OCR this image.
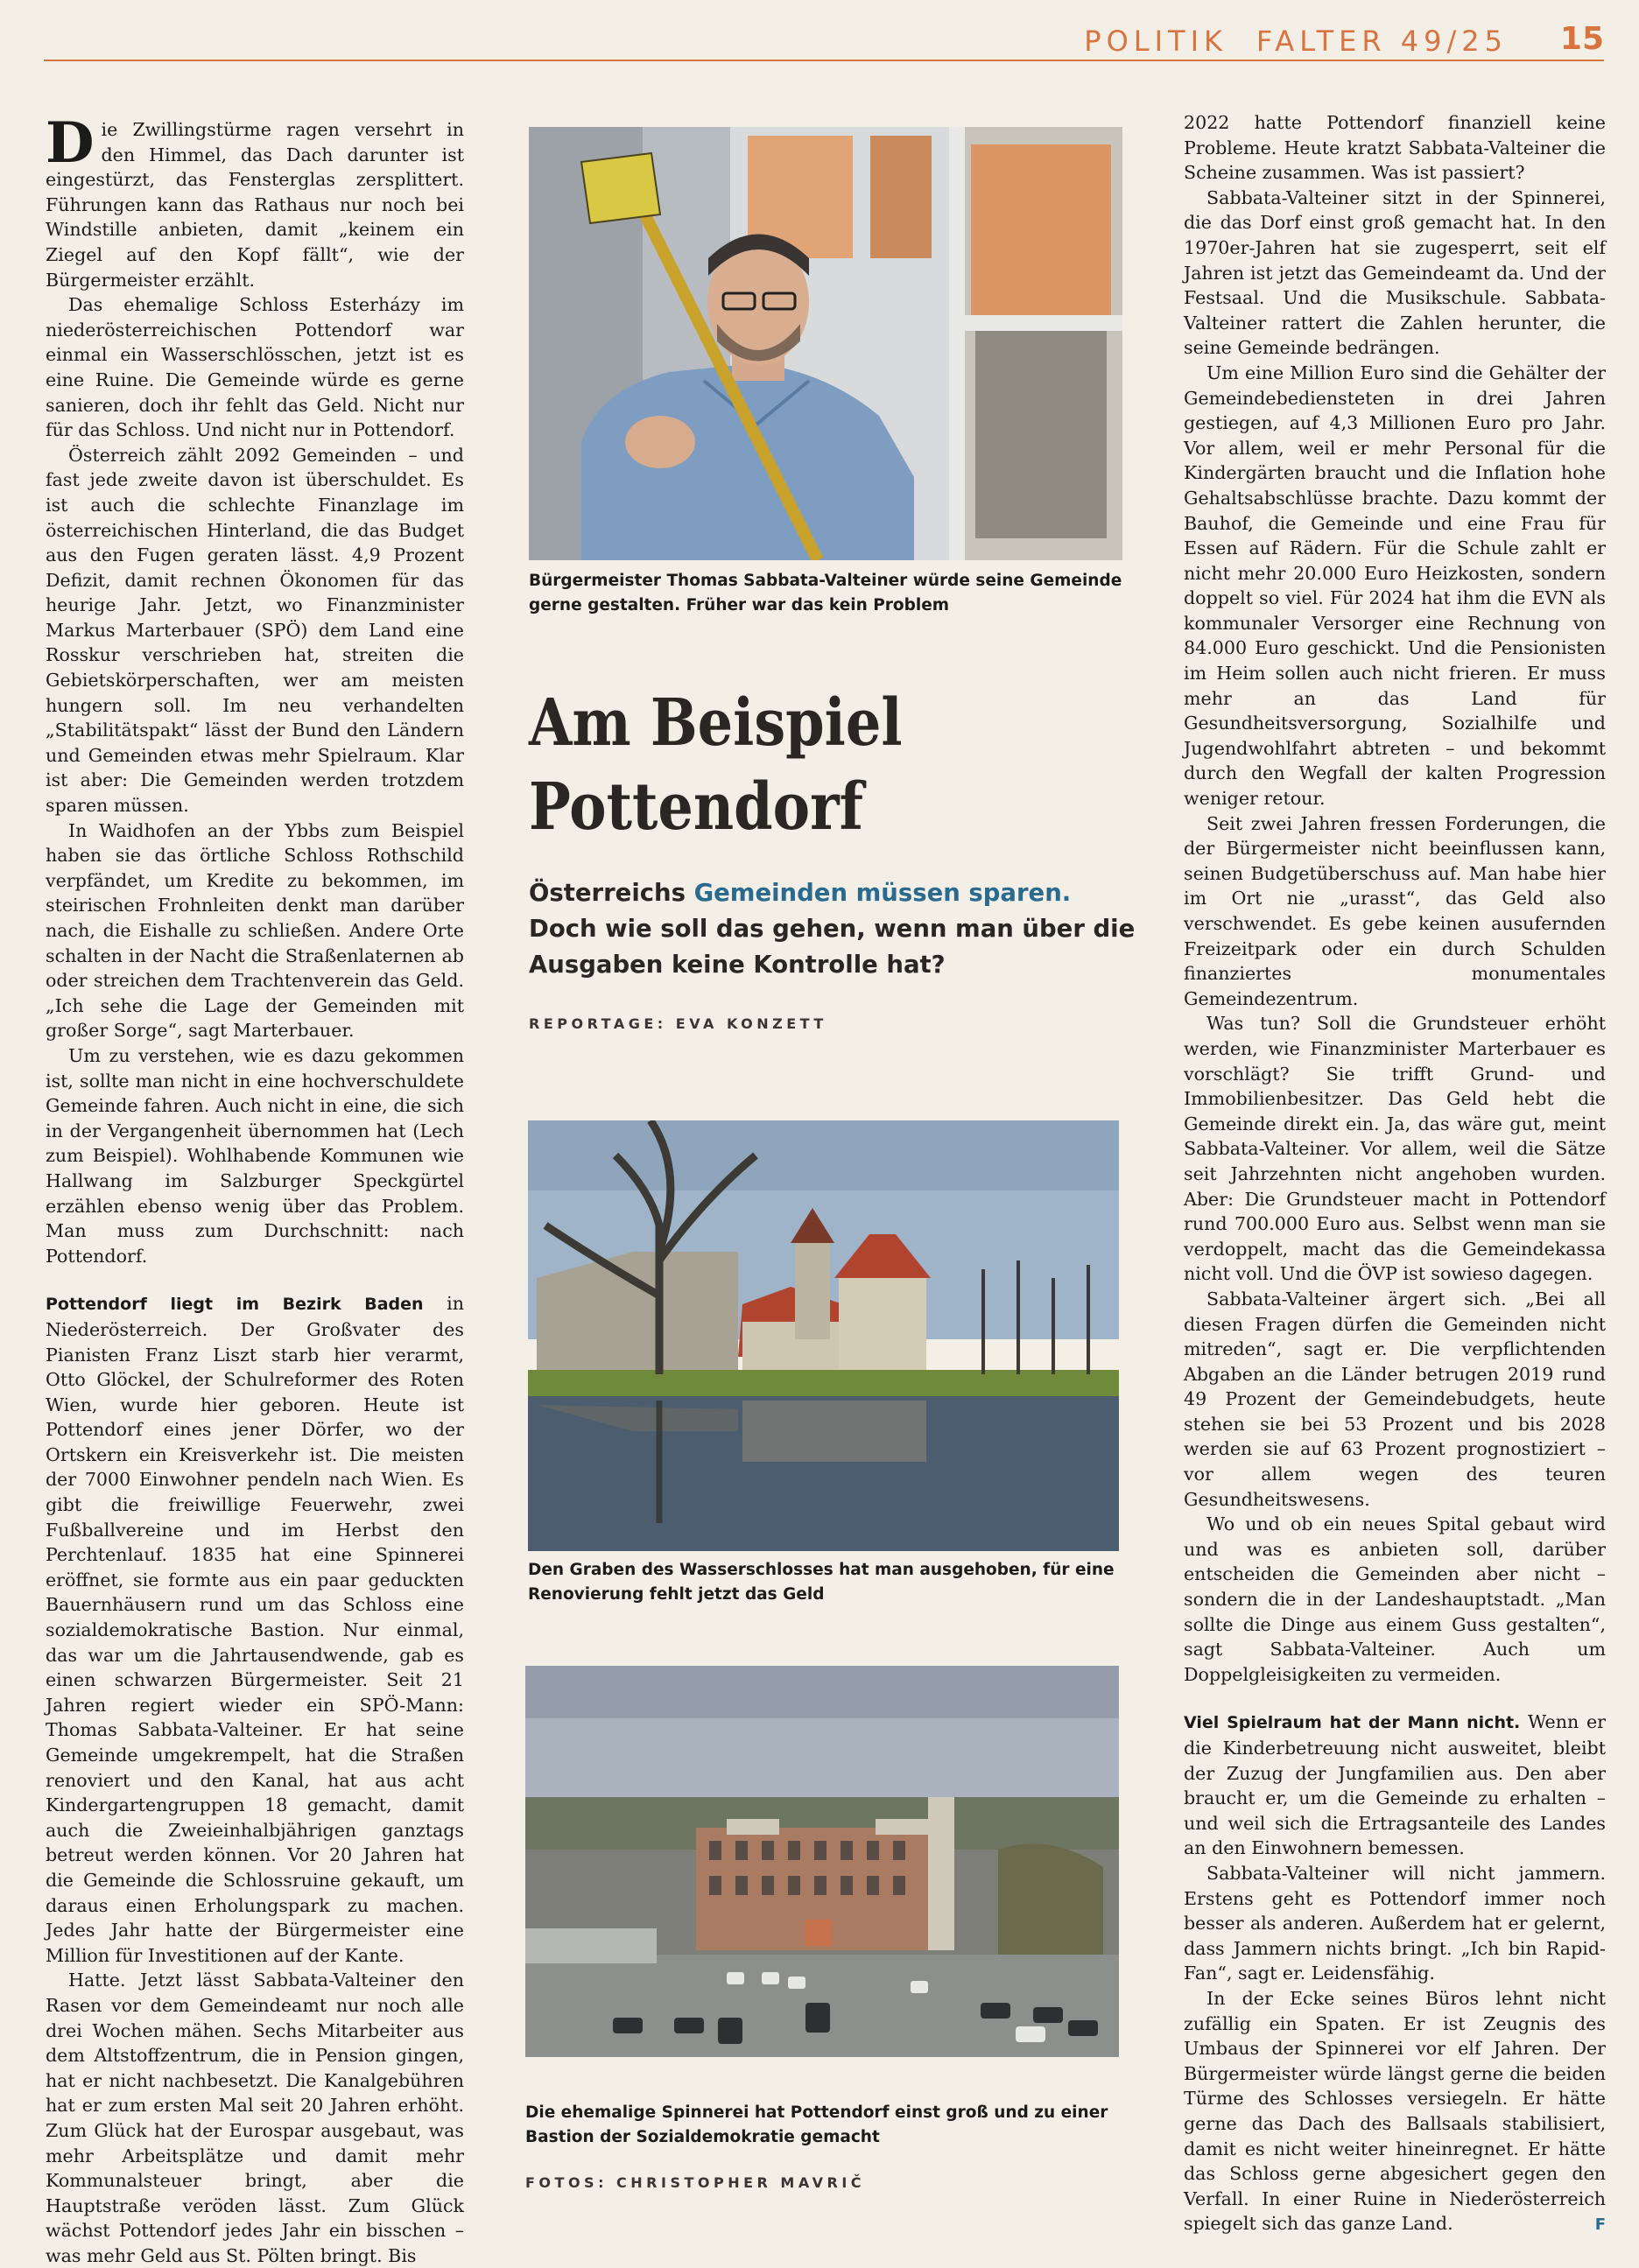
POLITIK FALTER 49/25 15

Die Zwillingstürme ragen versehrt in den Himmel, das Dach darunter ist eingestürzt, das Fensterglas zersplittert. Führungen kann das Rathaus nur noch bei Windstille anbieten, damit „keinem ein Ziegel auf den Kopf fällt“, wie der Bürgermeister erzählt.

Das ehemalige Schloss Esterházy im niederösterreichischen Pottendorf war einmal ein Wasserschlösschen, jetzt ist es eine Ruine. Die Gemeinde würde es gerne sanieren, doch ihr fehlt das Geld. Nicht nur für das Schloss. Und nicht nur in Pottendorf.

Österreich zählt 2092 Gemeinden – und fast jede zweite davon ist überschuldet. Es ist auch die schlechte Finanzlage im österreichischen Hinterland, die das Budget aus den Fugen geraten lässt. 4,9 Prozent Defizit, damit rechnen Ökonomen für das heurige Jahr. Jetzt, wo Finanzminister Markus Marterbauer (SPÖ) dem Land eine Rosskur verschrieben hat, streiten die Gebietskörperschaften, wer am meisten hungern soll. Im neu verhandelten „Stabilitätspakt“ lässt der Bund den Ländern und Gemeinden etwas mehr Spielraum. Klar ist aber: Die Gemeinden werden trotzdem sparen müssen.

In Waidhofen an der Ybbs zum Beispiel haben sie das örtliche Schloss Rothschild verpfändet, um Kredite zu bekommen, im steirischen Frohnleiten denkt man darüber nach, die Eishalle zu schließen. Andere Orte schalten in der Nacht die Straßenlaternen ab oder streichen dem Trachtenverein das Geld. „Ich sehe die Lage der Gemeinden mit großer Sorge“, sagt Marterbauer.

Um zu verstehen, wie es dazu gekommen ist, sollte man nicht in eine hochverschuldete Gemeinde fahren. Auch nicht in eine, die sich in der Vergangenheit übernommen hat (Lech zum Beispiel). Wohlhabende Kommunen wie Hallwang im Salzburger Speckgürtel erzählen ebenso wenig über das Problem. Man muss zum Durchschnitt: nach Pottendorf.

Pottendorf liegt im Bezirk Baden in Niederösterreich. Der Großvater des Pianisten Franz Liszt starb hier verarmt, Otto Glöckel, der Schulreformer des Roten Wien, wurde hier geboren. Heute ist Pottendorf eines jener Dörfer, wo der Ortskern ein Kreisverkehr ist. Die meisten der 7000 Einwohner pendeln nach Wien. Es gibt die freiwillige Feuerwehr, zwei Fußballvereine und im Herbst den Perchtenlauf. 1835 hat eine Spinnerei eröffnet, sie formte aus ein paar geduckten Bauernhäusern rund um das Schloss eine sozialdemokratische Bastion. Nur einmal, das war um die Jahrtausendwende, gab es einen schwarzen Bürgermeister. Seit 21 Jahren regiert wieder ein SPÖ-Mann: Thomas Sabbata-Valteiner. Er hat seine Gemeinde umgekrempelt, hat die Straßen renoviert und den Kanal, hat aus acht Kindergartengruppen 18 gemacht, damit auch die Zweieinhalbjährigen ganztags betreut werden können. Vor 20 Jahren hat die Gemeinde die Schlossruine gekauft, um daraus einen Erholungspark zu machen. Jedes Jahr hatte der Bürgermeister eine Million für Investitionen auf der Kante.

Hatte. Jetzt lässt Sabbata-Valteiner den Rasen vor dem Gemeindeamt nur noch alle drei Wochen mähen. Sechs Mitarbeiter aus dem Altstoffzentrum, die in Pension gingen, hat er nicht nachbesetzt. Die Kanalgebühren hat er zum ersten Mal seit 20 Jahren erhöht. Zum Glück hat der Eurospar ausgebaut, was mehr Arbeitsplätze und damit mehr Kommunalsteuer bringt, aber die Hauptstraße veröden lässt. Zum Glück wächst Pottendorf jedes Jahr ein bisschen – was mehr Geld aus St. Pölten bringt. Bis

Bürgermeister Thomas Sabbata-Valteiner würde seine Gemeinde gerne gestalten. Früher war das kein Problem
Am Beispiel
Pottendorf
Österreichs Gemeinden müssen sparen. Doch wie soll das gehen, wenn man über die Ausgaben keine Kontrolle hat?
REPORTAGE: EVA KONZETT
Den Graben des Wasserschlosses hat man ausgehoben, für eine Renovierung fehlt jetzt das Geld
Die ehemalige Spinnerei hat Pottendorf einst groß und zu einer Bastion der Sozialdemokratie gemacht
FOTOS: CHRISTOPHER MAVRIČ

2022 hatte Pottendorf finanziell keine Probleme. Heute kratzt Sabbata-Valteiner die Scheine zusammen. Was ist passiert?

Sabbata-Valteiner sitzt in der Spinnerei, die das Dorf einst groß gemacht hat. In den 1970er-Jahren hat sie zugesperrt, seit elf Jahren ist jetzt das Gemeindeamt da. Und der Festsaal. Und die Musikschule. Sabbata-Valteiner rattert die Zahlen herunter, die seine Gemeinde bedrängen.

Um eine Million Euro sind die Gehälter der Gemeindebediensteten in drei Jahren gestiegen, auf 4,3 Millionen Euro pro Jahr. Vor allem, weil er mehr Personal für die Kindergärten braucht und die Inflation hohe Gehaltsabschlüsse brachte. Dazu kommt der Bauhof, die Gemeinde und eine Frau für Essen auf Rädern. Für die Schule zahlt er nicht mehr 20.000 Euro Heizkosten, sondern doppelt so viel. Für 2024 hat ihm die EVN als kommunaler Versorger eine Rechnung von 84.000 Euro geschickt. Und die Pensionisten im Heim sollen auch nicht frieren. Er muss mehr an das Land für Gesundheitsversorgung, Sozialhilfe und Jugendwohlfahrt abtreten – und bekommt durch den Wegfall der kalten Progression weniger retour.

Seit zwei Jahren fressen Forderungen, die der Bürgermeister nicht beeinflussen kann, seinen Budgetüberschuss auf. Man habe hier im Ort nie „urasst“, das Geld also verschwendet. Es gebe keinen ausufernden Freizeitpark oder ein durch Schulden finanziertes monumentales Gemeindezentrum.

Was tun? Soll die Grundsteuer erhöht werden, wie Finanzminister Marterbauer es vorschlägt? Sie trifft Grund- und Immobilienbesitzer. Das Geld hebt die Gemeinde direkt ein. Ja, das wäre gut, meint Sabbata-Valteiner. Vor allem, weil die Sätze seit Jahrzehnten nicht angehoben wurden. Aber: Die Grundsteuer macht in Pottendorf rund 700.000 Euro aus. Selbst wenn man sie verdoppelt, macht das die Gemeindekassa nicht voll. Und die ÖVP ist sowieso dagegen.

Sabbata-Valteiner ärgert sich. „Bei all diesen Fragen dürfen die Gemeinden nicht mitreden“, sagt er. Die verpflichtenden Abgaben an die Länder betrugen 2019 rund 49 Prozent der Gemeindebudgets, heute stehen sie bei 53 Prozent und bis 2028 werden sie auf 63 Prozent prognostiziert – vor allem wegen des teuren Gesundheitswesens.

Wo und ob ein neues Spital gebaut wird und was es anbieten soll, darüber entscheiden die Gemeinden aber nicht – sondern die in der Landeshauptstadt. „Man sollte die Dinge aus einem Guss gestalten“, sagt Sabbata-Valteiner. Auch um Doppelgleisigkeiten zu vermeiden.

Viel Spielraum hat der Mann nicht. Wenn er die Kinderbetreuung nicht ausweitet, bleibt der Zuzug der Jungfamilien aus. Den aber braucht er, um die Gemeinde zu erhalten – und weil sich die Ertragsanteile des Landes an den Einwohnern bemessen.

Sabbata-Valteiner will nicht jammern. Erstens geht es Pottendorf immer noch besser als anderen. Außerdem hat er gelernt, dass Jammern nichts bringt. „Ich bin Rapid-Fan“, sagt er. Leidensfähig.

In der Ecke seines Büros lehnt nicht zufällig ein Spaten. Er ist Zeugnis des Umbaus der Spinnerei vor elf Jahren. Der Bürgermeister würde längst gerne die beiden Türme des Schlosses versiegeln. Er hätte gerne das Dach des Ballsaals stabilisiert, damit es nicht weiter hineinregnet. Er hätte das Schloss gerne abgesichert gegen den Verfall. In einer Ruine in Niederösterreich spiegelt sich das ganze Land.	F
